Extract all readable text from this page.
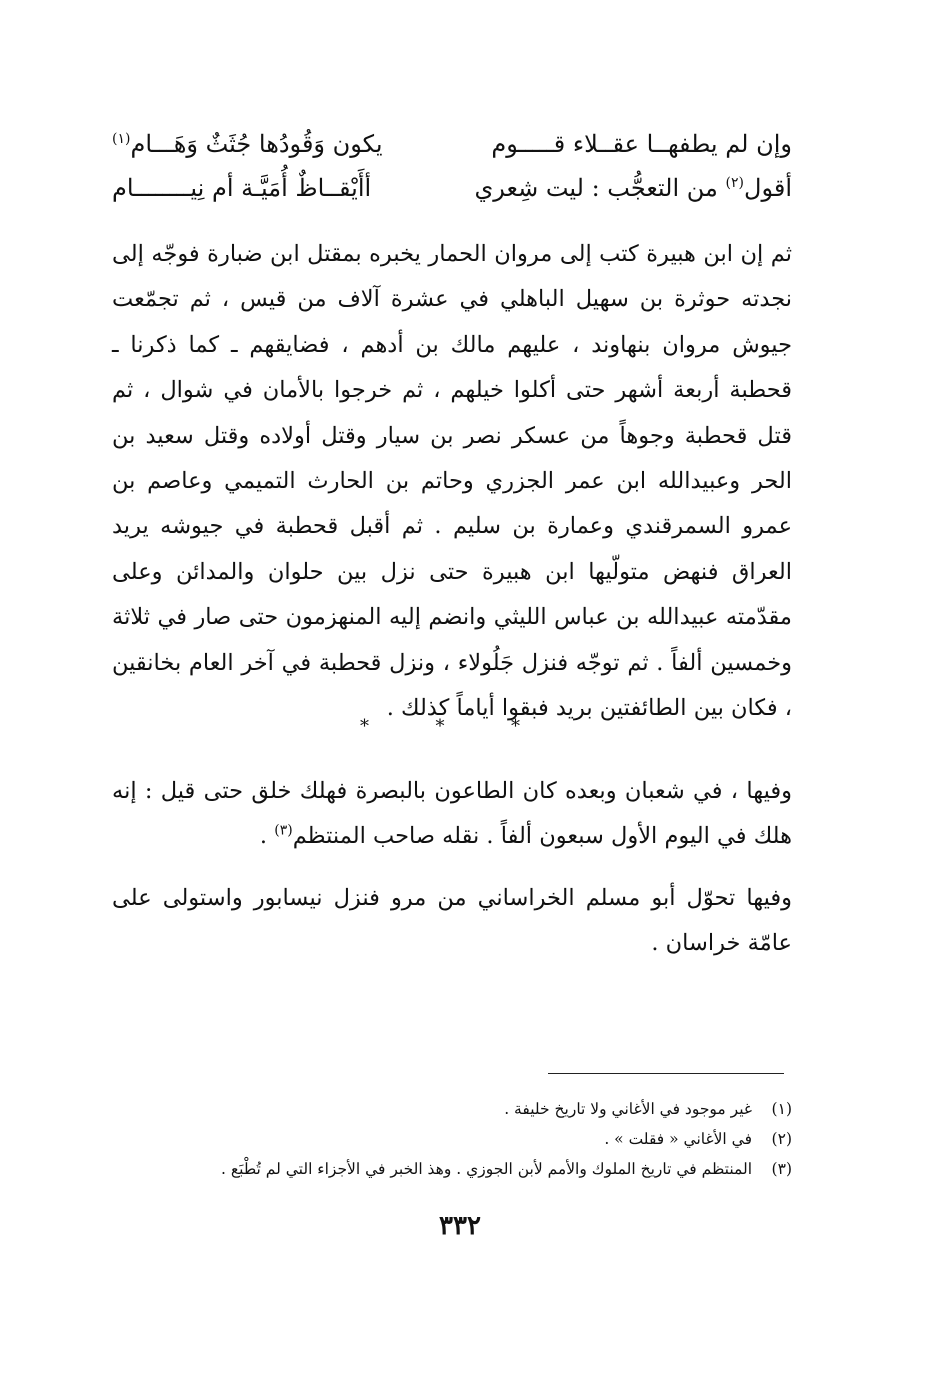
وإن لم يطفهــا عقــلاء قـــــوم
يكون وَقُودُها جُثَثٌ وَهَـــام$^{(١)}$
أقول$^{(٢)}$ من التعجُّب : ليت شِعري
أأَيْقــاظٌ أُمَيَّـة أم نِيــــــــام

ثم إن ابن هبيرة كتب إلى مروان الحمار يخبره بمقتل ابن ضبارة فوجّه إلى نجدته حوثرة بن سهيل الباهلي في عشرة آلاف من قيس ، ثم تجمّعت جيوش مروان بنهاوند ، عليهم مالك بن أدهم ، فضايقهم ـ كما ذكرنا ـ قحطبة أربعة أشهر حتى أكلوا خيلهم ، ثم خرجوا بالأمان في شوال ، ثم قتل قحطبة وجوهاً من عسكر نصر بن سيار وقتل أولاده وقتل سعيد بن الحر وعبيدالله ابن عمر الجزري وحاتم بن الحارث التميمي وعاصم بن عمرو السمرقندي وعمارة بن سليم . ثم أقبل قحطبة في جيوشه يريد العراق فنهض متولّيها ابن هبيرة حتى نزل بين حلوان والمدائن وعلى مقدّمته عبيدالله بن عباس الليثي وانضم إليه المنهزمون حتى صار في ثلاثة وخمسين ألفاً . ثم توجّه فنزل جَلُولاء ، ونزل قحطبة في آخر العام بخانقين ، فكان بين الطائفتين بريد فبقوا أياماً كذلك .

*	*	*

وفيها ، في شعبان وبعده كان الطاعون بالبصرة فهلك خلق حتى قيل : إنه هلك في اليوم الأول سبعون ألفاً . نقله صاحب المنتظم$^{(٣)}$ .

وفيها تحوّل أبو مسلم الخراساني من مرو فنزل نيسابور واستولى على عامّة خراسان .

(١)
غير موجود في الأغاني ولا تاريخ خليفة .
(٢)
في الأغاني « فقلت » .
(٣)
المنتظم في تاريخ الملوك والأمم لأبن الجوزي . وهذ الخبر في الأجزاء التي لم تُطْبَع .
٣٣٢
